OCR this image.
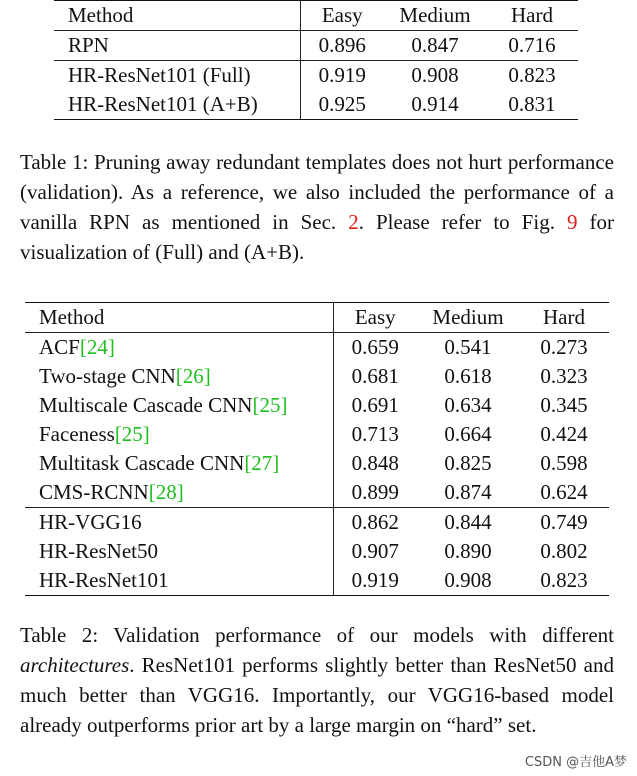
Method	Easy	Medium	Hard
RPN	0.896	0.847	0.716
HR-ResNet101 (Full)	0.919	0.908	0.823
HR-ResNet101 (A+B)	0.925	0.914	0.831

Table 1: Pruning away redundant templates does not hurt performance (validation). As a reference, we also included the performance of a vanilla RPN as mentioned in Sec. 2. Please refer to Fig. 9 for visualization of (Full) and (A+B).

Method	Easy	Medium	Hard
ACF[24]	0.659	0.541	0.273
Two-stage CNN[26]	0.681	0.618	0.323
Multiscale Cascade CNN[25]	0.691	0.634	0.345
Faceness[25]	0.713	0.664	0.424
Multitask Cascade CNN[27]	0.848	0.825	0.598
CMS-RCNN[28]	0.899	0.874	0.624
HR-VGG16	0.862	0.844	0.749
HR-ResNet50	0.907	0.890	0.802
HR-ResNet101	0.919	0.908	0.823

Table 2: Validation performance of our models with different architectures. ResNet101 performs slightly better than ResNet50 and much better than VGG16. Importantly, our VGG16-based model already outperforms prior art by a large margin on “hard” set.

CSDN @吉他A梦
